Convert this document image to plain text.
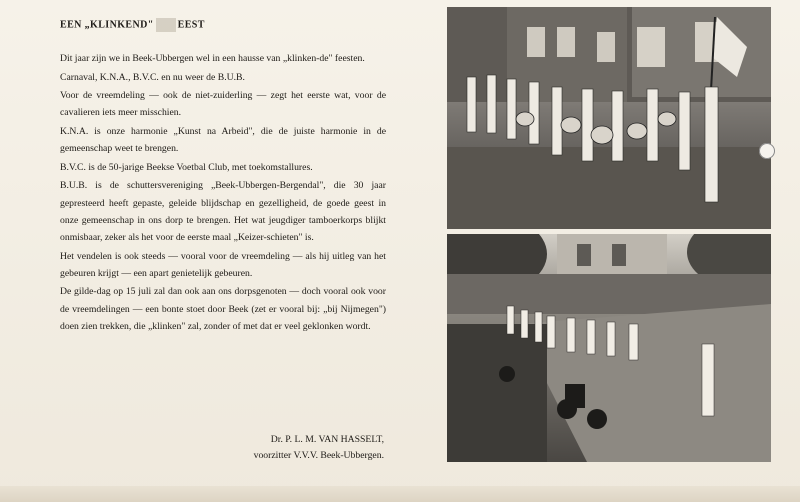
EEN „KLINKEND" EEST

Dit jaar zijn we in Beek-Ubbergen wel in een hausse van „klinken-de" feesten.

Carnaval, K.N.A., B.V.C. en nu weer de B.U.B.

Voor de vreemdeling — ook de niet-zuiderling — zegt het eerste wat, voor de cavalieren iets meer misschien.

K.N.A. is onze harmonie „Kunst na Arbeid", die de juiste harmonie in de gemeenschap weet te brengen.

B.V.C. is de 50-jarige Beekse Voetbal Club, met toekomstallures.

B.U.B. is de schuttersvereniging „Beek-Ubbergen-Bergendal", die 30 jaar gepresteerd heeft gepaste, geleide blijdschap en gezelligheid, de goede geest in onze gemeenschap in ons dorp te brengen. Het wat jeugdiger tamboerkorps blijkt onmisbaar, zeker als het voor de eerste maal „Keizer-schieten" is.

Het vendelen is ook steeds — vooral voor de vreemdeling — als hij uitleg van het gebeuren krijgt — een apart genietelijk gebeuren.

De gilde-dag op 15 juli zal dan ook aan ons dorpsgenoten — doch vooral ook voor de vreemdelingen — een bonte stoet door Beek (zet er vooral bij: „bij Nijmegen") doen zien trekken, die „klinken" zal, zonder of met dat er veel geklonken wordt.

Dr. P. L. M. VAN HASSELT,
voorzitter V.V.V. Beek-Ubbergen.
